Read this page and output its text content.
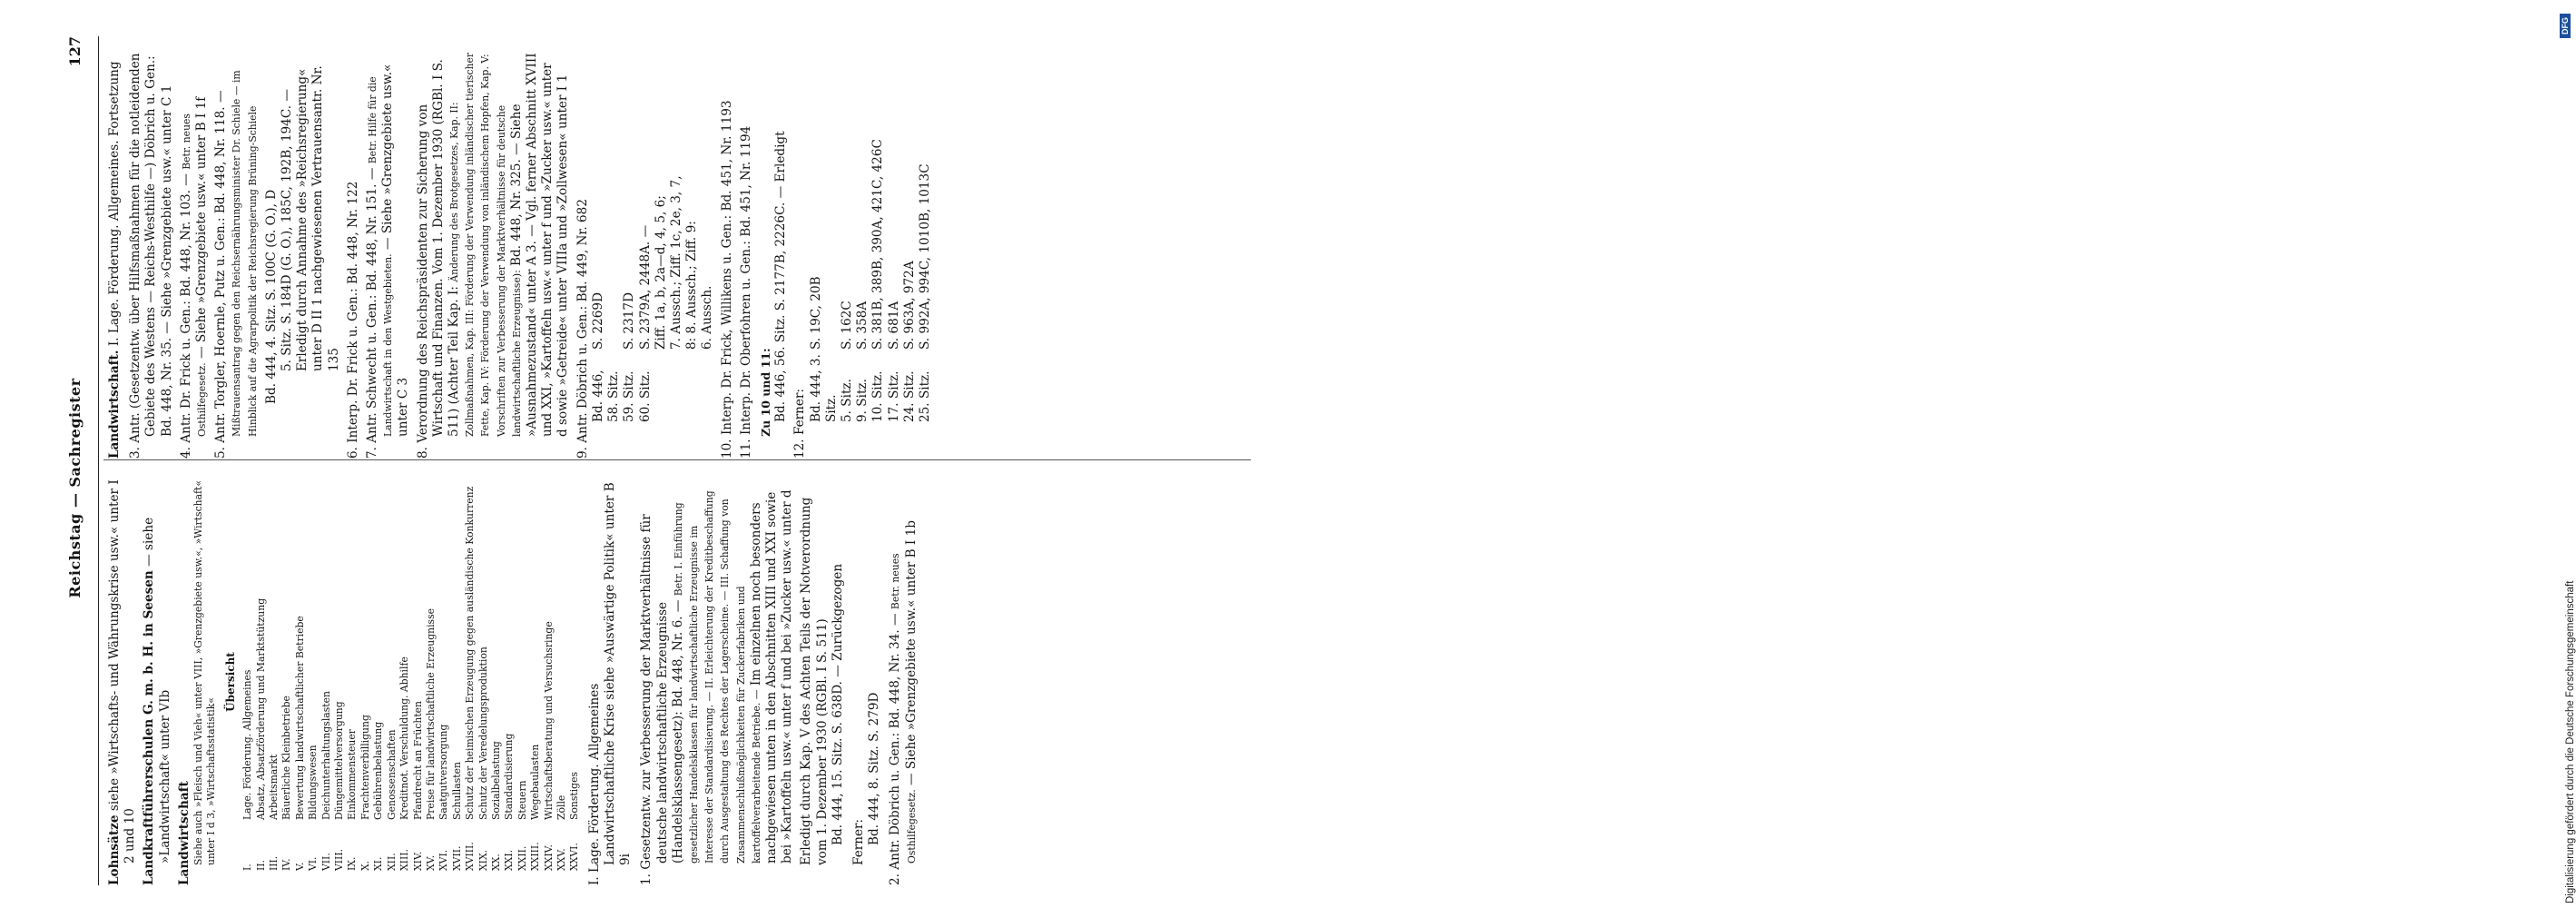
Digitalisierung gefördert durch die Deutsche Forschungsgemeinschaft
DFG
Reichstag — Sachregister
127
Lohnsätze siehe »Wirtschafts- und Währungskrise usw.« unter I 2 und 10 Landkraftführerschulen G. m. b. H. in Seesen — siehe »Landwirtschaft« unter VIb Landwirtschaft Siehe auch »Fleisch und Vieh« unter VIII, »Grenzgebiete usw.«, »Wirtschaft« unter I d 3, »Wirtschaftsstatistik«
Übersicht
I.
Lage. Förderung. Allgemeines
II.
Absatz, Absatzförderung und Marktstützung
III.
Arbeitsmarkt
IV.
Bäuerliche Kleinbetriebe
V.
Bewertung landwirtschaftlicher Betriebe
VI.
Bildungswesen
VII.
Deichunterhaltungslasten
VIII.
Düngemittelversorgung
IX.
Einkommensteuer
X.
Frachtenverbilligung
XI.
Gebührenbelastung
XII.
Genossenschaften
XIII.
Kreditnot. Verschuldung. Abhilfe
XIV.
Pfandrecht an Früchten
XV.
Preise für landwirtschaftliche Erzeugnisse
XVI.
Saatgutversorgung
XVII.
Schullasten
XVIII.
Schutz der heimischen Erzeugung gegen ausländische Konkurrenz
XIX.
Schutz der Veredelungsproduktion
XX.
Sozialbelastung
XXI.
Standardisierung
XXII.
Steuern
XXIII.
Wegebaulasten
XXIV.
Wirtschaftsberatung und Versuchsringe
XXV.
Zölle
XXVI.
Sonstiges I. Lage. Förderung. Allgemeines Landwirtschaftliche Krise siehe »Auswärtige Politik« unter B 9i 1. Gesetzentw. zur Verbesserung der Marktverhältnisse für deutsche landwirtschaftliche Erzeugnisse (Handelsklassengesetz): Bd. 448, Nr. 6. — Betr. I. Einführung gesetzlicher Handelsklassen für landwirtschaftliche Erzeugnisse im Interesse der Standardisierung. — II. Erleichterung der Kreditbeschaffung durch Ausgestaltung des Rechtes der Lagerscheine. — III. Schaffung von Zusammenschlußmöglichkeiten für Zuckerfabriken und kartoffelverarbeitende Betriebe. — Im einzelnen noch besonders nachgewiesen unten in den Abschnitten XIII und XXI sowie bei »Kartoffeln usw.« unter f und bei »Zucker usw.« unter d Erledigt durch Kap. V des Achten Teils der Notverordnung vom 1. Dezember 1930 (RGBl. I S. 511) Bd. 444, 15. Sitz. S. 638D. — Zurückgezogen Ferner: Bd. 444, 8. Sitz. S. 279D 2. Antr. Döbrich u. Gen.: Bd. 448, Nr. 34. — Betr. neues Osthilfegesetz. — Siehe »Grenzgebiete usw.« unter B I 1b
Landwirtschaft. I. Lage. Förderung. Allgemeines. Fortsetzung 3. Antr. (Gesetzentw. über Hilfsmaßnahmen für die notleidenden Gebiete des Westens — Reichs-Westhilfe —) Döbrich u. Gen.: Bd. 448, Nr. 35. — Siehe »Grenzgebiete usw.« unter C 1 4. Antr. Dr. Frick u. Gen.: Bd. 448, Nr. 103. — Betr. neues Osthilfegesetz. — Siehe »Grenzgebiete usw.« unter B I 1f 5. Antr. Torgler, Hoernle, Putz u. Gen.: Bd. 448, Nr. 118. — Mißtrauensantrag gegen den Reichsernährungsminister Dr. Schiele — im Hinblick auf die Agrarpolitik der Reichsregierung Brüning-Schiele Bd. 444, 4. Sitz. S. 100C (G. O.), D 5. Sitz. S. 184D (G. O.), 185C, 192B, 194C. — Erledigt durch Annahme des »Reichsregierung« unter D II 1 nachgewiesenen Vertrauensantr. Nr. 135 6. Interp. Dr. Frick u. Gen.: Bd. 448, Nr. 122 7. Antr. Schwecht u. Gen.: Bd. 448, Nr. 151. — Betr. Hilfe für die Landwirtschaft in den Westgebieten. — Siehe »Grenzgebiete usw.« unter C 3 8. Verordnung des Reichspräsidenten zur Sicherung von Wirtschaft und Finanzen. Vom 1. Dezember 1930 (RGBl. I S. 511) (Achter Teil Kap. I: Änderung des Brotgesetzes, Kap. II: Zollmaßnahmen, Kap. III: Förderung der Verwendung inländischer tierischer Fette, Kap. IV: Förderung der Verwendung von inländischem Hopfen, Kap. V: Vorschriften zur Verbesserung der Marktverhältnisse für deutsche landwirtschaftliche Erzeugnisse): Bd. 448, Nr. 325. — Siehe »Ausnahmezustand« unter A 3. — Vgl. ferner Abschnitt XVIII und XXI, »Kartoffeln usw.« unter f und »Zucker usw.« unter d sowie »Getreide« unter VIIIa und »Zollwesen« unter I 1 9. Antr. Döbrich u. Gen.: Bd. 449, Nr. 682 Bd. 446, 58. Sitz.
S. 2269D
59. Sitz.
S. 2317D
60. Sitz.
S. 2379A, 2448A. — Ziff. 1a, b, 2a—d, 4, 5, 6; 7. Aussch.; Ziff. 1c, 2e, 3, 7, 8: 8. Aussch.; Ziff. 9: 6. Aussch. 10. Interp. Dr. Frick, Willikens u. Gen.: Bd. 451, Nr. 1193 11. Interp. Dr. Oberfohren u. Gen.: Bd. 451, Nr. 1194 Zu 10 und 11: Bd. 446, 56. Sitz. S. 2177B, 2226C. — Erledigt
12. Ferner:
Bd. 444, 3. Sitz.
S. 19C, 20B
5. Sitz.
S. 162C
9. Sitz.
S. 358A
10. Sitz.
S. 381B, 389B, 390A, 421C, 426C
17. Sitz.
S. 681A
24. Sitz.
S. 963A, 972A
25. Sitz.
S. 992A, 994C, 1010B, 1013C
